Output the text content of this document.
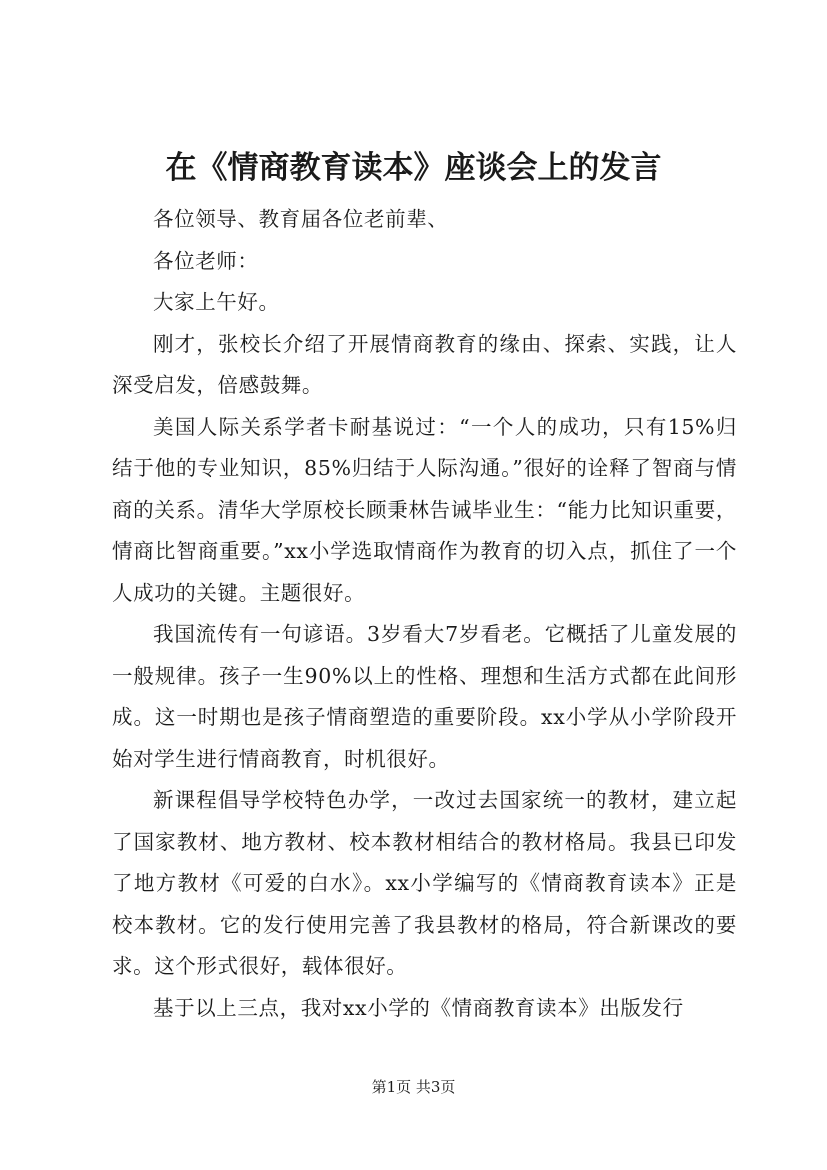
在《情商教育读本》座谈会上的发言

各位领导、教育届各位老前辈、

各位老师：

大家上午好。

刚才，张校长介绍了开展情商教育的缘由、探索、实践，让人深受启发，倍感鼓舞。

美国人际关系学者卡耐基说过：“一个人的成功，只有15%归结于他的专业知识，85%归结于人际沟通。”很好的诠释了智商与情商的关系。清华大学原校长顾秉林告诫毕业生：“能力比知识重要，情商比智商重要。”xx小学选取情商作为教育的切入点，抓住了一个人成功的关键。主题很好。

我国流传有一句谚语。3岁看大7岁看老。它概括了儿童发展的一般规律。孩子一生90%以上的性格、理想和生活方式都在此间形成。这一时期也是孩子情商塑造的重要阶段。xx小学从小学阶段开始对学生进行情商教育，时机很好。

新课程倡导学校特色办学，一改过去国家统一的教材，建立起了国家教材、地方教材、校本教材相结合的教材格局。我县已印发了地方教材《可爱的白水》。xx小学编写的《情商教育读本》正是校本教材。它的发行使用完善了我县教材的格局，符合新课改的要求。这个形式很好，载体很好。

基于以上三点，我对xx小学的《情商教育读本》出版发行

第1页 共3页
